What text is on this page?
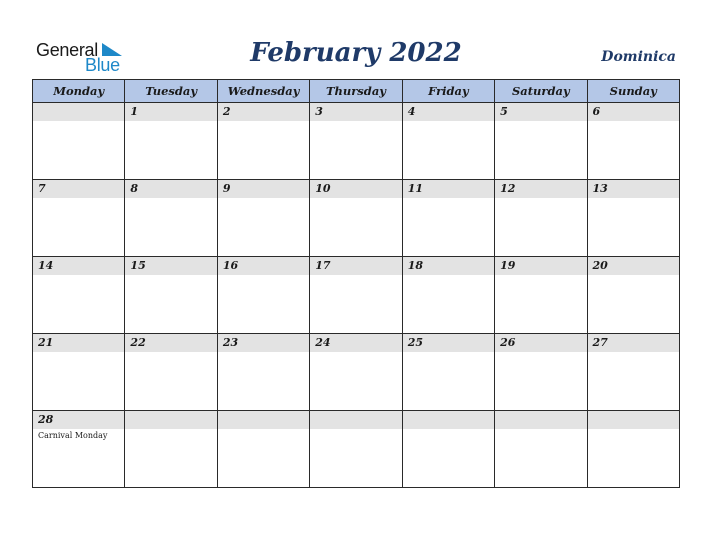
General
Blue	February 2022	Dominica
Monday	Tuesday	Wednesday	Thursday	Friday	Saturday	Sunday

	1	2	3	4	5	6

7	8	9	10	11	12	13

14	15	16	17	18	19	20

21	22	23	24	25	26	27

28
Carnival Monday						
